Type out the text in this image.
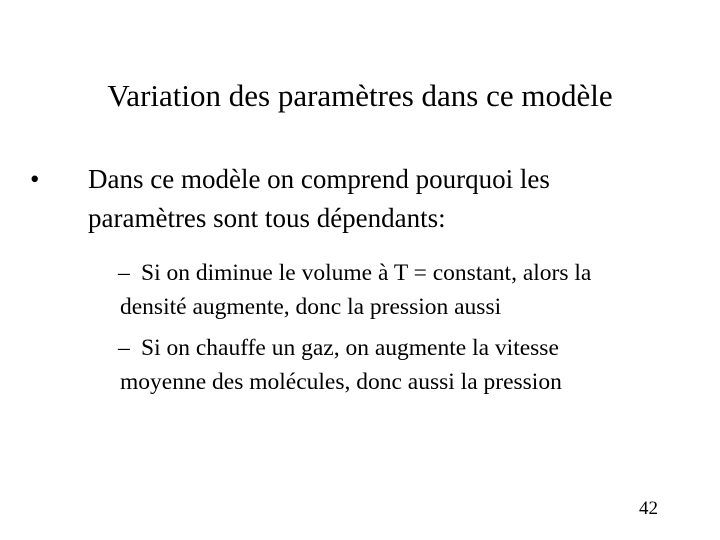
Variation des paramètres dans ce modèle
• Dans ce modèle on comprend pourquoi les
paramètres sont tous dépendants:
– Si on diminue le volume à T = constant, alors la
densité augmente, donc la pression aussi
– Si on chauffe un gaz, on augmente la vitesse
moyenne des molécules, donc aussi la pression
42
